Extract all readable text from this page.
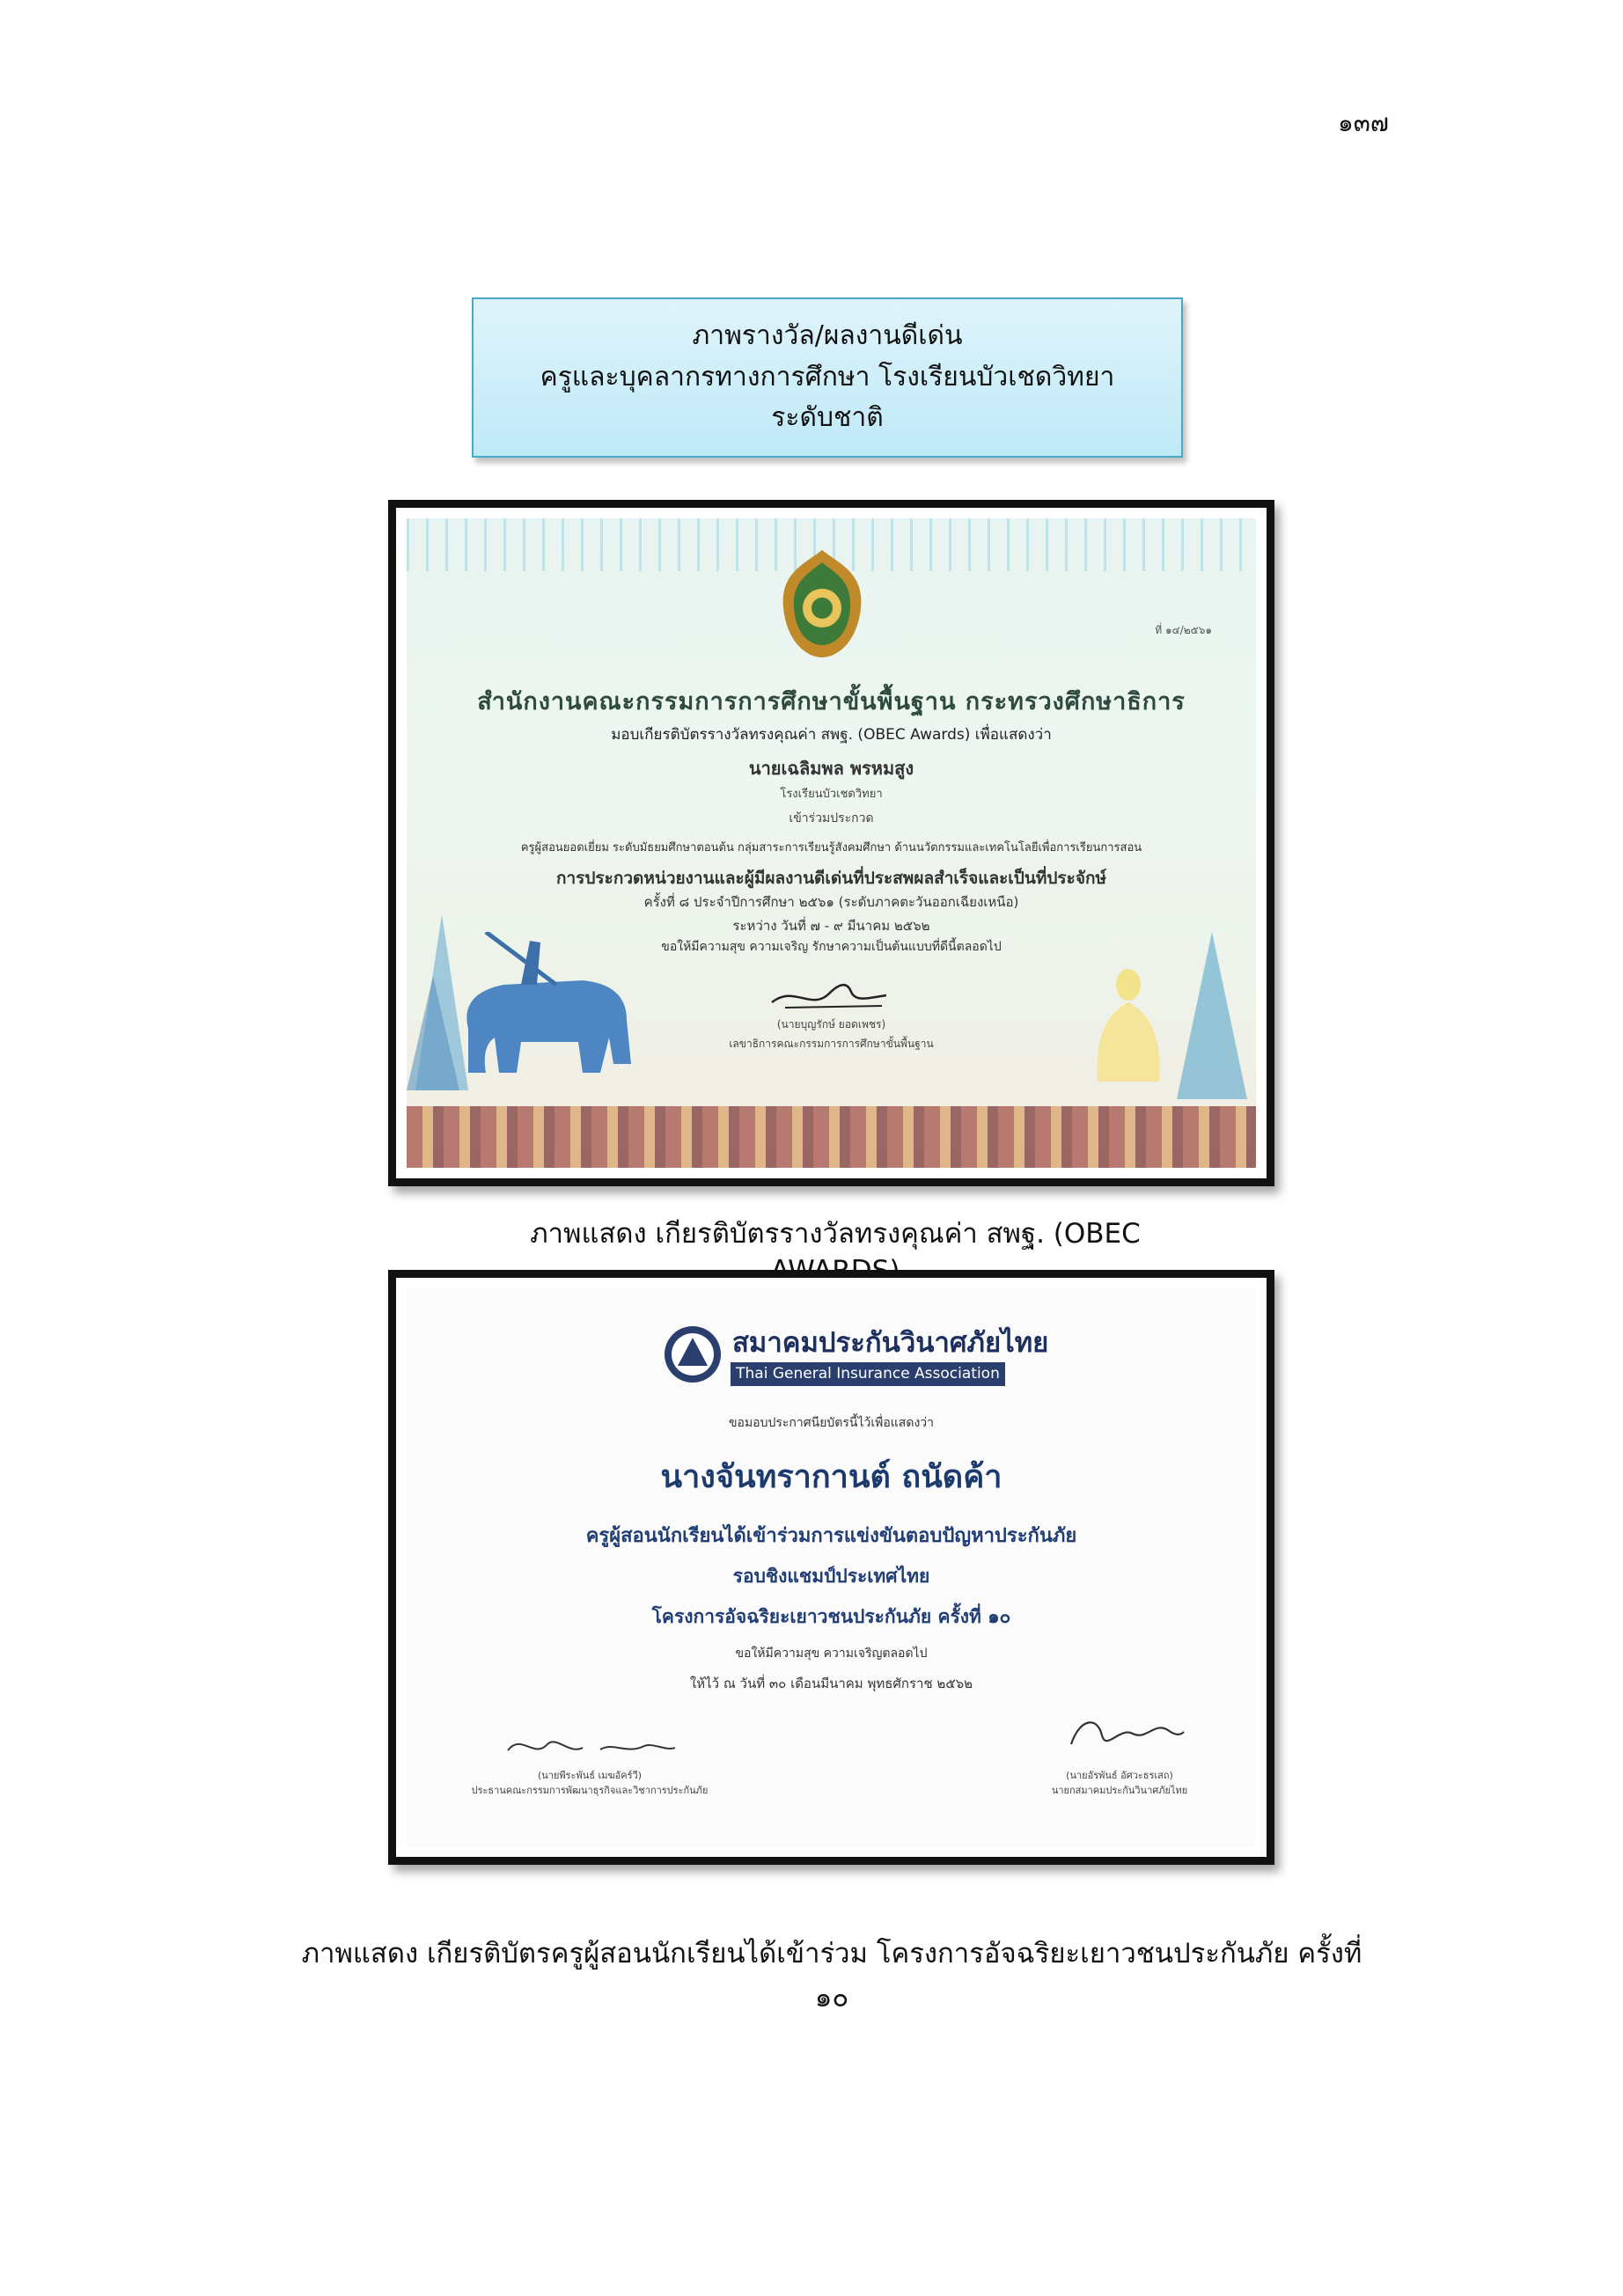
๑๓๗
ภาพรางวัล/ผลงานดีเด่น
ครูและบุคลากรทางการศึกษา โรงเรียนบัวเชดวิทยา
ระดับชาติ
ที่ ๑๔/๒๕๖๑
สำนักงานคณะกรรมการการศึกษาขั้นพื้นฐาน กระทรวงศึกษาธิการ
มอบเกียรติบัตรรางวัลทรงคุณค่า สพฐ. (OBEC Awards) เพื่อแสดงว่า
นายเฉลิมพล พรหมสูง
โรงเรียนบัวเชดวิทยา
เข้าร่วมประกวด
ครูผู้สอนยอดเยี่ยม ระดับมัธยมศึกษาตอนต้น กลุ่มสาระการเรียนรู้สังคมศึกษา ด้านนวัตกรรมและเทคโนโลยีเพื่อการเรียนการสอน
การประกวดหน่วยงานและผู้มีผลงานดีเด่นที่ประสพผลสำเร็จและเป็นที่ประจักษ์
ครั้งที่ ๘ ประจำปีการศึกษา ๒๕๖๑ (ระดับภาคตะวันออกเฉียงเหนือ)
ระหว่าง วันที่ ๗ - ๙ มีนาคม ๒๕๖๒
ขอให้มีความสุข ความเจริญ รักษาความเป็นต้นแบบที่ดีนี้ตลอดไป
(นายบุญรักษ์ ยอดเพชร)
เลขาธิการคณะกรรมการการศึกษาขั้นพื้นฐาน
ภาพแสดง เกียรติบัตรรางวัลทรงคุณค่า สพฐ. (OBEC
สมาคมประกันวินาศภัยไทย
Thai General Insurance Association
ขอมอบประกาศนียบัตรนี้ไว้เพื่อแสดงว่า
นางจันทรากานต์ ถนัดค้า
ครูผู้สอนนักเรียนได้เข้าร่วมการแข่งขันตอบปัญหาประกันภัย
รอบชิงแชมป์ประเทศไทย
โครงการอัจฉริยะเยาวชนประกันภัย ครั้งที่ ๑๐
ขอให้มีความสุข ความเจริญตลอดไป
ให้ไว้ ณ วันที่ ๓๐ เดือนมีนาคม พุทธศักราช ๒๕๖๒
(นายพีระพันธ์ เมฆอัคร์วี)
ประธานคณะกรรมการพัฒนาธุรกิจและวิชาการประกันภัย
(นายอัรพันธ์ อัศวะธรเสถ)
นายกสมาคมประกันวินาศภัยไทย
ภาพแสดง เกียรติบัตรครูผู้สอนนักเรียนได้เข้าร่วม โครงการอัจฉริยะเยาวชนประกันภัย ครั้งที่ ๑๐
